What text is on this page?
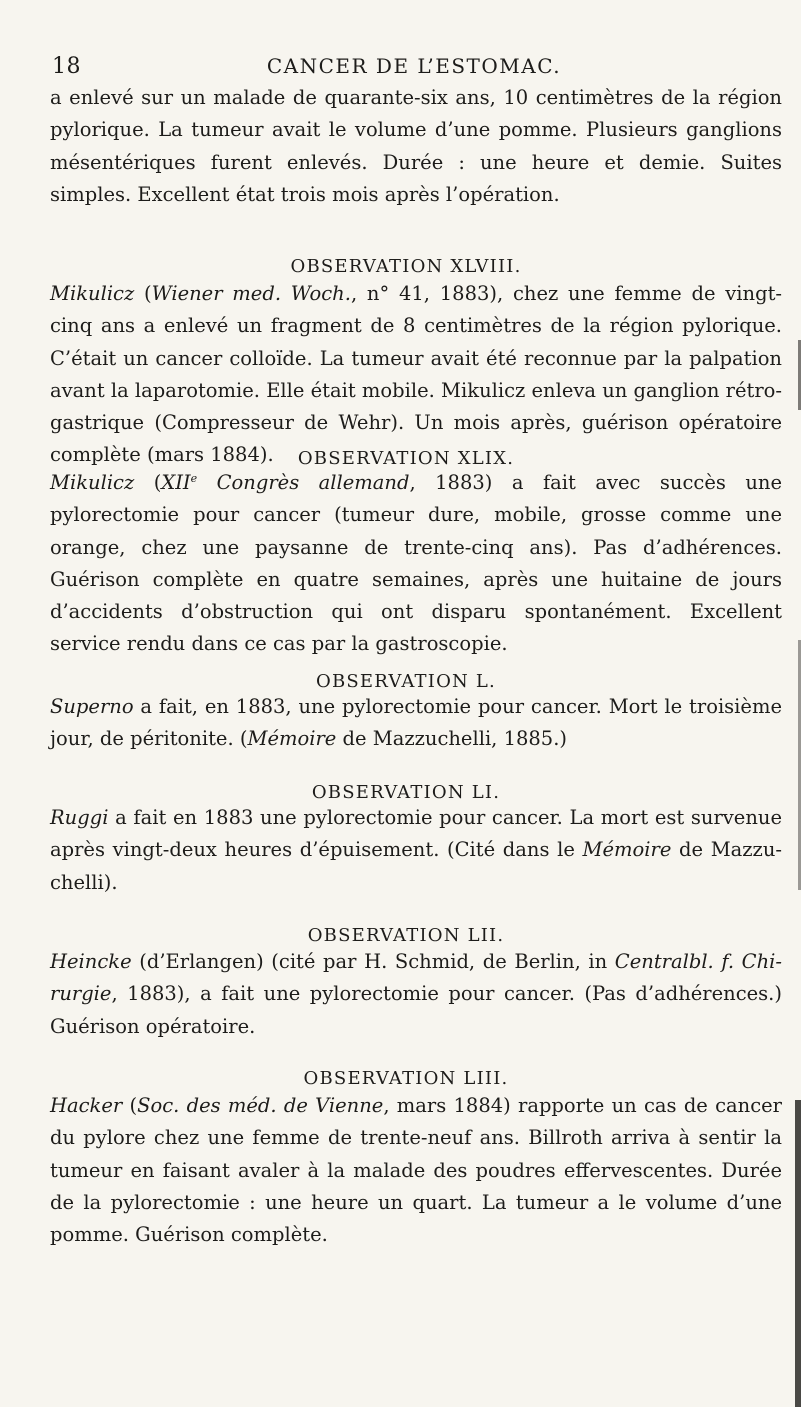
18	CANCER DE L’ESTOMAC.

a enlevé sur un malade de quarante-six ans, 10 centimètres de la région pylorique. La tumeur avait le volume d’une pomme. Plusieurs ganglions mésentériques furent enlevés. Durée : une heure et demie. Suites simples. Excellent état trois mois après l’opération.

OBSERVATION XLVIII.

Mikulicz (Wiener med. Woch., n° 41, 1883), chez une femme de vingt-cinq ans a enlevé un fragment de 8 centimètres de la région pylorique. C’était un cancer colloïde. La tumeur avait été reconnue par la palpation avant la laparotomie. Elle était mobile. Mikulicz enleva un ganglion rétro-gastrique (Compresseur de Wehr). Un mois après, guérison opératoire complète (mars 1884).	OBSERVATION XLIX.

Mikulicz (XIIe Congrès allemand, 1883) a fait avec succès une pylorectomie pour cancer (tumeur dure, mobile, grosse comme une orange, chez une paysanne de trente-cinq ans). Pas d’adhérences. Guérison complète en quatre semaines, après une huitaine de jours d’accidents d’obstruction qui ont disparu spontanément. Excellent service rendu dans ce cas par la gastroscopie.

OBSERVATION L.

Superno a fait, en 1883, une pylorectomie pour cancer. Mort le troisième jour, de péritonite. (Mémoire de Mazzuchelli, 1885.)

OBSERVATION LI.

Ruggi a fait en 1883 une pylorectomie pour cancer. La mort est survenue après vingt-deux heures d’épuisement. (Cité dans le Mémoire de Mazzuchelli).

OBSERVATION LII.

Heincke (d’Erlangen) (cité par H. Schmid, de Berlin, in Centralbl. f. Chirurgie, 1883), a fait une pylorectomie pour cancer. (Pas d’adhérences.) Guérison opératoire.

OBSERVATION LIII.

Hacker (Soc. des méd. de Vienne, mars 1884) rapporte un cas de cancer du pylore chez une femme de trente-neuf ans. Billroth arriva à sentir la tumeur en faisant avaler à la malade des poudres effervescentes. Durée de la pylorectomie : une heure un quart. La tumeur a le volume d’une pomme. Guérison complète.
